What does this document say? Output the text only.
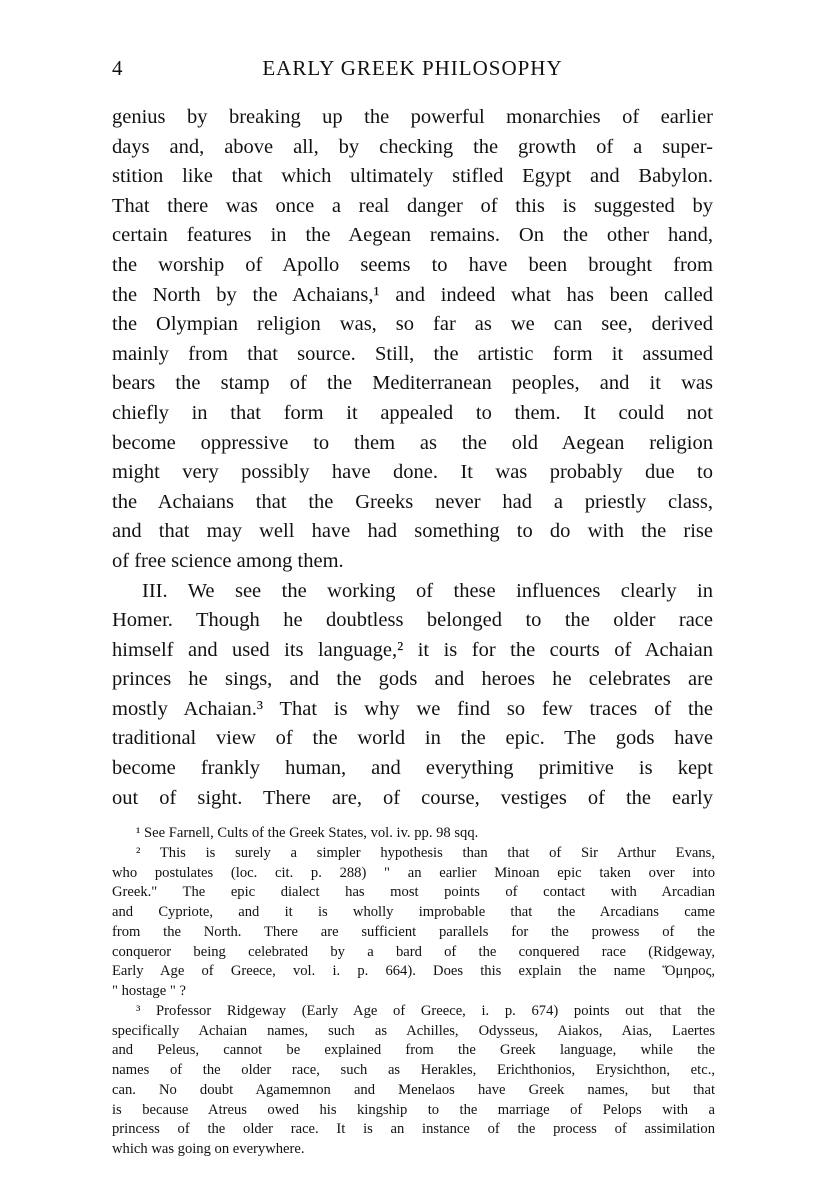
4	EARLY GREEK PHILOSOPHY
genius by breaking up the powerful monarchies of earlier
days and, above all, by checking the growth of a super-
stition like that which ultimately stifled Egypt and Babylon.
That there was once a real danger of this is suggested by
certain features in the Aegean remains. On the other hand,
the worship of Apollo seems to have been brought from
the North by the Achaians,¹ and indeed what has been called
the Olympian religion was, so far as we can see, derived
mainly from that source. Still, the artistic form it assumed
bears the stamp of the Mediterranean peoples, and it was
chiefly in that form it appealed to them. It could not
become oppressive to them as the old Aegean religion
might very possibly have done. It was probably due to
the Achaians that the Greeks never had a priestly class,
and that may well have had something to do with the rise
of free science among them.
III. We see the working of these influences clearly in
Homer. Though he doubtless belonged to the older race
himself and used its language,² it is for the courts of Achaian
princes he sings, and the gods and heroes he celebrates are
mostly Achaian.³ That is why we find so few traces of the
traditional view of the world in the epic. The gods have
become frankly human, and everything primitive is kept
out of sight. There are, of course, vestiges of the early
¹ See Farnell, Cults of the Greek States, vol. iv. pp. 98 sqq.
² This is surely a simpler hypothesis than that of Sir Arthur Evans,
who postulates (loc. cit. p. 288) " an earlier Minoan epic taken over into
Greek." The epic dialect has most points of contact with Arcadian
and Cypriote, and it is wholly improbable that the Arcadians came
from the North. There are sufficient parallels for the prowess of the
conqueror being celebrated by a bard of the conquered race (Ridgeway,
Early Age of Greece, vol. i. p. 664). Does this explain the name Ὅμηρος,
" hostage " ?
³ Professor Ridgeway (Early Age of Greece, i. p. 674) points out that the
specifically Achaian names, such as Achilles, Odysseus, Aiakos, Aias, Laertes
and Peleus, cannot be explained from the Greek language, while the
names of the older race, such as Herakles, Erichthonios, Erysichthon, etc.,
can. No doubt Agamemnon and Menelaos have Greek names, but that
is because Atreus owed his kingship to the marriage of Pelops with a
princess of the older race. It is an instance of the process of assimilation
which was going on everywhere.
